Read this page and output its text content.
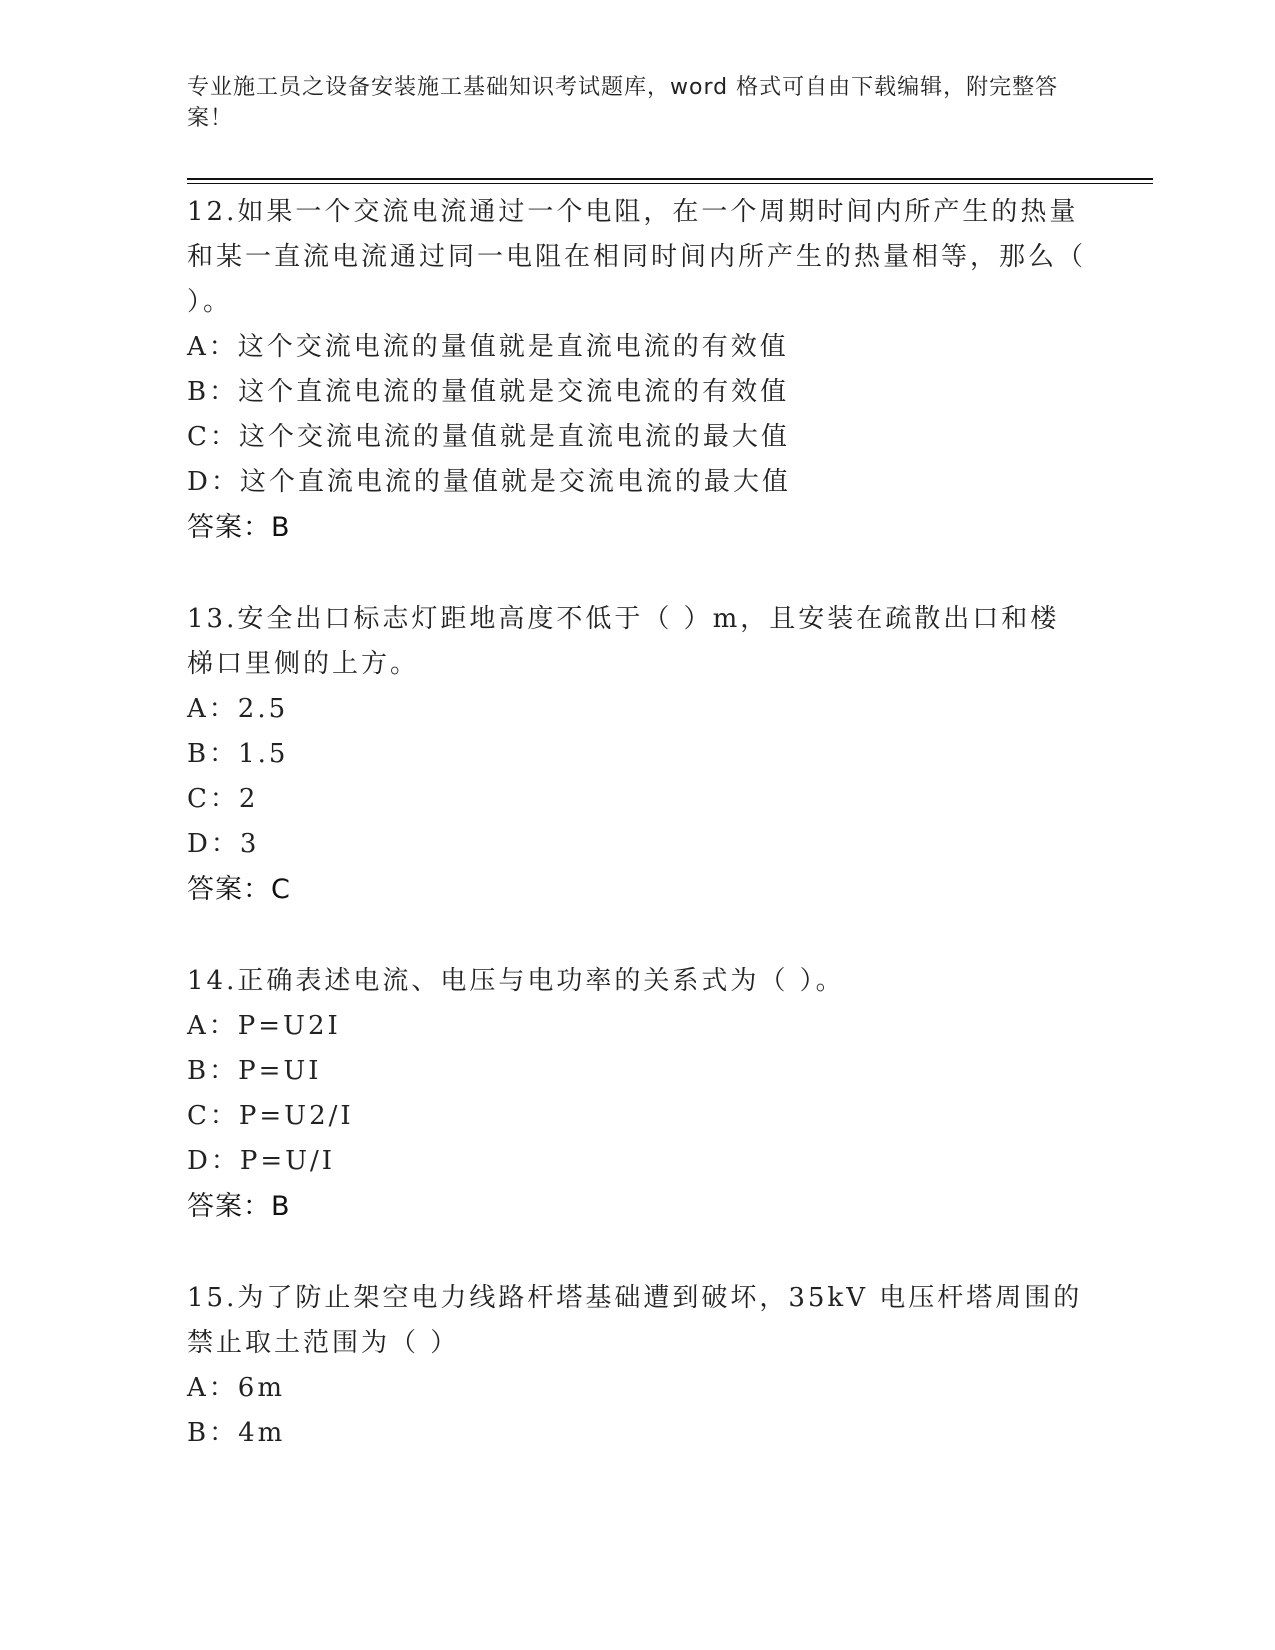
专业施工员之设备安装施工基础知识考试题库，word 格式可自由下载编辑，附完整答案！

12.如果一个交流电流通过一个电阻，在一个周期时间内所产生的热量和某一直流电流通过同一电阻在相同时间内所产生的热量相等，那么（ ）。

A：这个交流电流的量值就是直流电流的有效值

B：这个直流电流的量值就是交流电流的有效值

C：这个交流电流的量值就是直流电流的最大值

D：这个直流电流的量值就是交流电流的最大值

答案：B

13.安全出口标志灯距地高度不低于（ ）m，且安装在疏散出口和楼梯口里侧的上方。

A：2.5

B：1.5

C：2

D：3

答案：C

14.正确表述电流、电压与电功率的关系式为（ ）。

A：P=U2I

B：P=UI

C：P=U2/I

D：P=U/I

答案：B

15.为了防止架空电力线路杆塔基础遭到破坏，35kV 电压杆塔周围的禁止取土范围为（ ）

A：6m

B：4m
